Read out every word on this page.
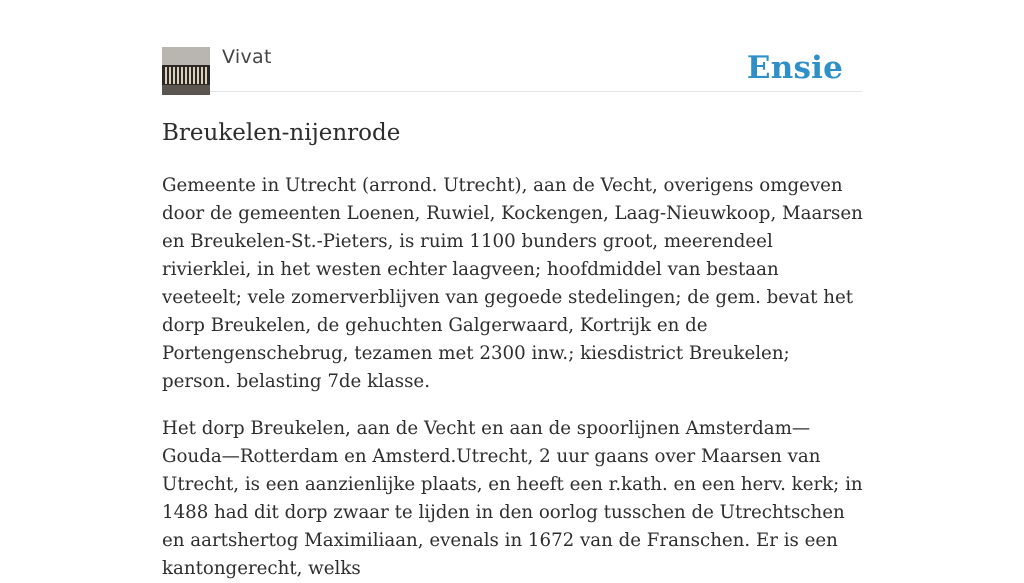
Vivat	Ensie
Breukelen-nijenrode

Gemeente in Utrecht (arrond. Utrecht), aan de Vecht, overigens omgeven door de gemeenten Loenen, Ruwiel, Kockengen, Laag-Nieuwkoop, Maarsen en Breukelen-St.-Pieters, is ruim 1100 bunders groot, meerendeel rivierklei, in het westen echter laagveen; hoofdmiddel van bestaan veeteelt; vele zomerverblijven van gegoede stedelingen; de gem. bevat het dorp Breukelen, de gehuchten Galgerwaard, Kortrijk en de Portengenschebrug, tezamen met 2300 inw.; kiesdistrict Breukelen; person. belasting 7de klasse.

Het dorp Breukelen, aan de Vecht en aan de spoorlijnen Amsterdam—Gouda—Rotterdam en Amsterd.Utrecht, 2 uur gaans over Maarsen van Utrecht, is een aanzienlijke plaats, en heeft een r.kath. en een herv. kerk; in 1488 had dit dorp zwaar te lijden in den oorlog tusschen de Utrechtschen en aartshertog Maximiliaan, evenals in 1672 van de Franschen. Er is een kantongerecht, welks
